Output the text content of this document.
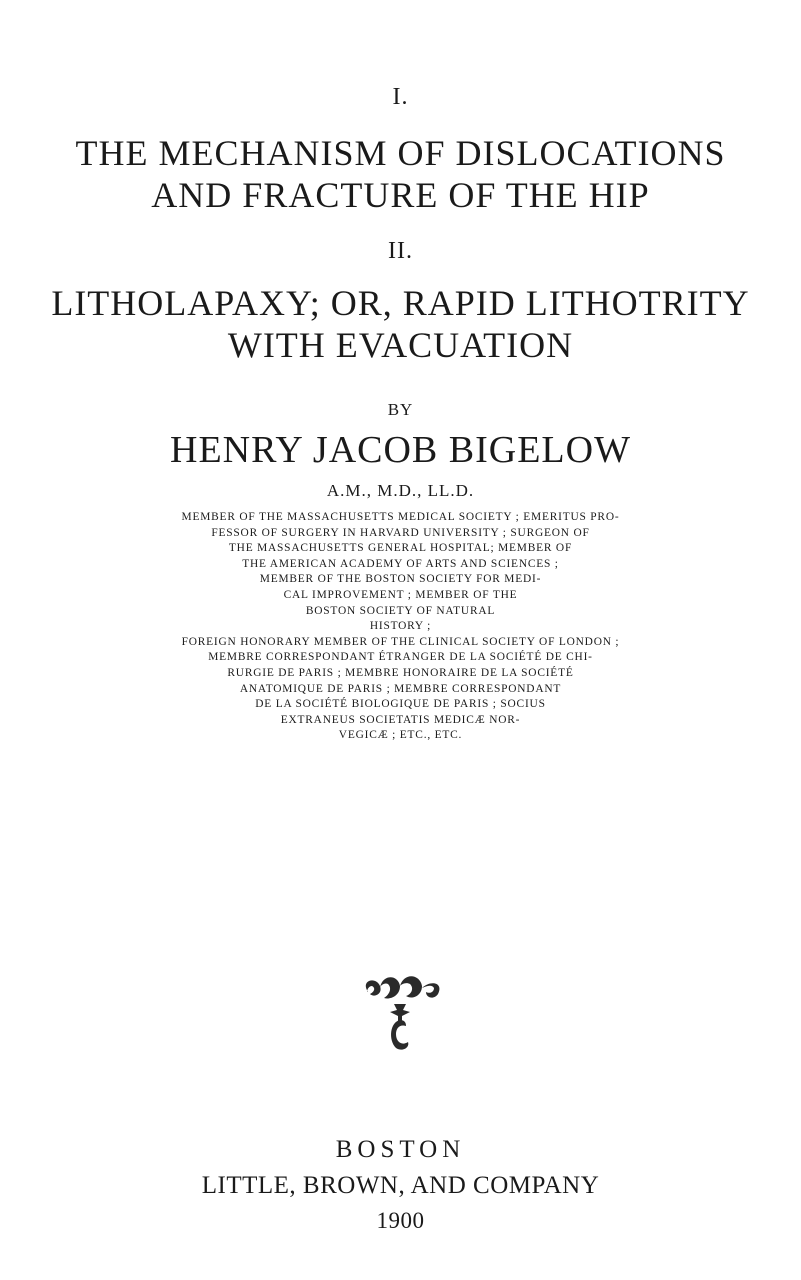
I.
THE MECHANISM OF DISLOCATIONS
AND FRACTURE OF THE HIP
II.
LITHOLAPAXY; OR, RAPID LITHOTRITY
WITH EVACUATION
BY
HENRY JACOB BIGELOW
A.M., M.D., LL.D.
MEMBER OF THE MASSACHUSETTS MEDICAL SOCIETY ; EMERITUS PRO-
FESSOR OF SURGERY IN HARVARD UNIVERSITY ; SURGEON OF
THE MASSACHUSETTS GENERAL HOSPITAL; MEMBER OF
THE AMERICAN ACADEMY OF ARTS AND SCIENCES ;
MEMBER OF THE BOSTON SOCIETY FOR MEDI-
CAL IMPROVEMENT ; MEMBER OF THE
BOSTON SOCIETY OF NATURAL
HISTORY ;
FOREIGN HONORARY MEMBER OF THE CLINICAL SOCIETY OF LONDON ;
MEMBRE CORRESPONDANT ÉTRANGER DE LA SOCIÉTÉ DE CHI-
RURGIE DE PARIS ; MEMBRE HONORAIRE DE LA SOCIÉTÉ
ANATOMIQUE DE PARIS ; MEMBRE CORRESPONDANT
DE LA SOCIÉTÉ BIOLOGIQUE DE PARIS ; SOCIUS
EXTRANEUS SOCIETATIS MEDICÆ NOR-
VEGICÆ ; ETC., ETC.
BOSTON
LITTLE, BROWN, AND COMPANY
1900
